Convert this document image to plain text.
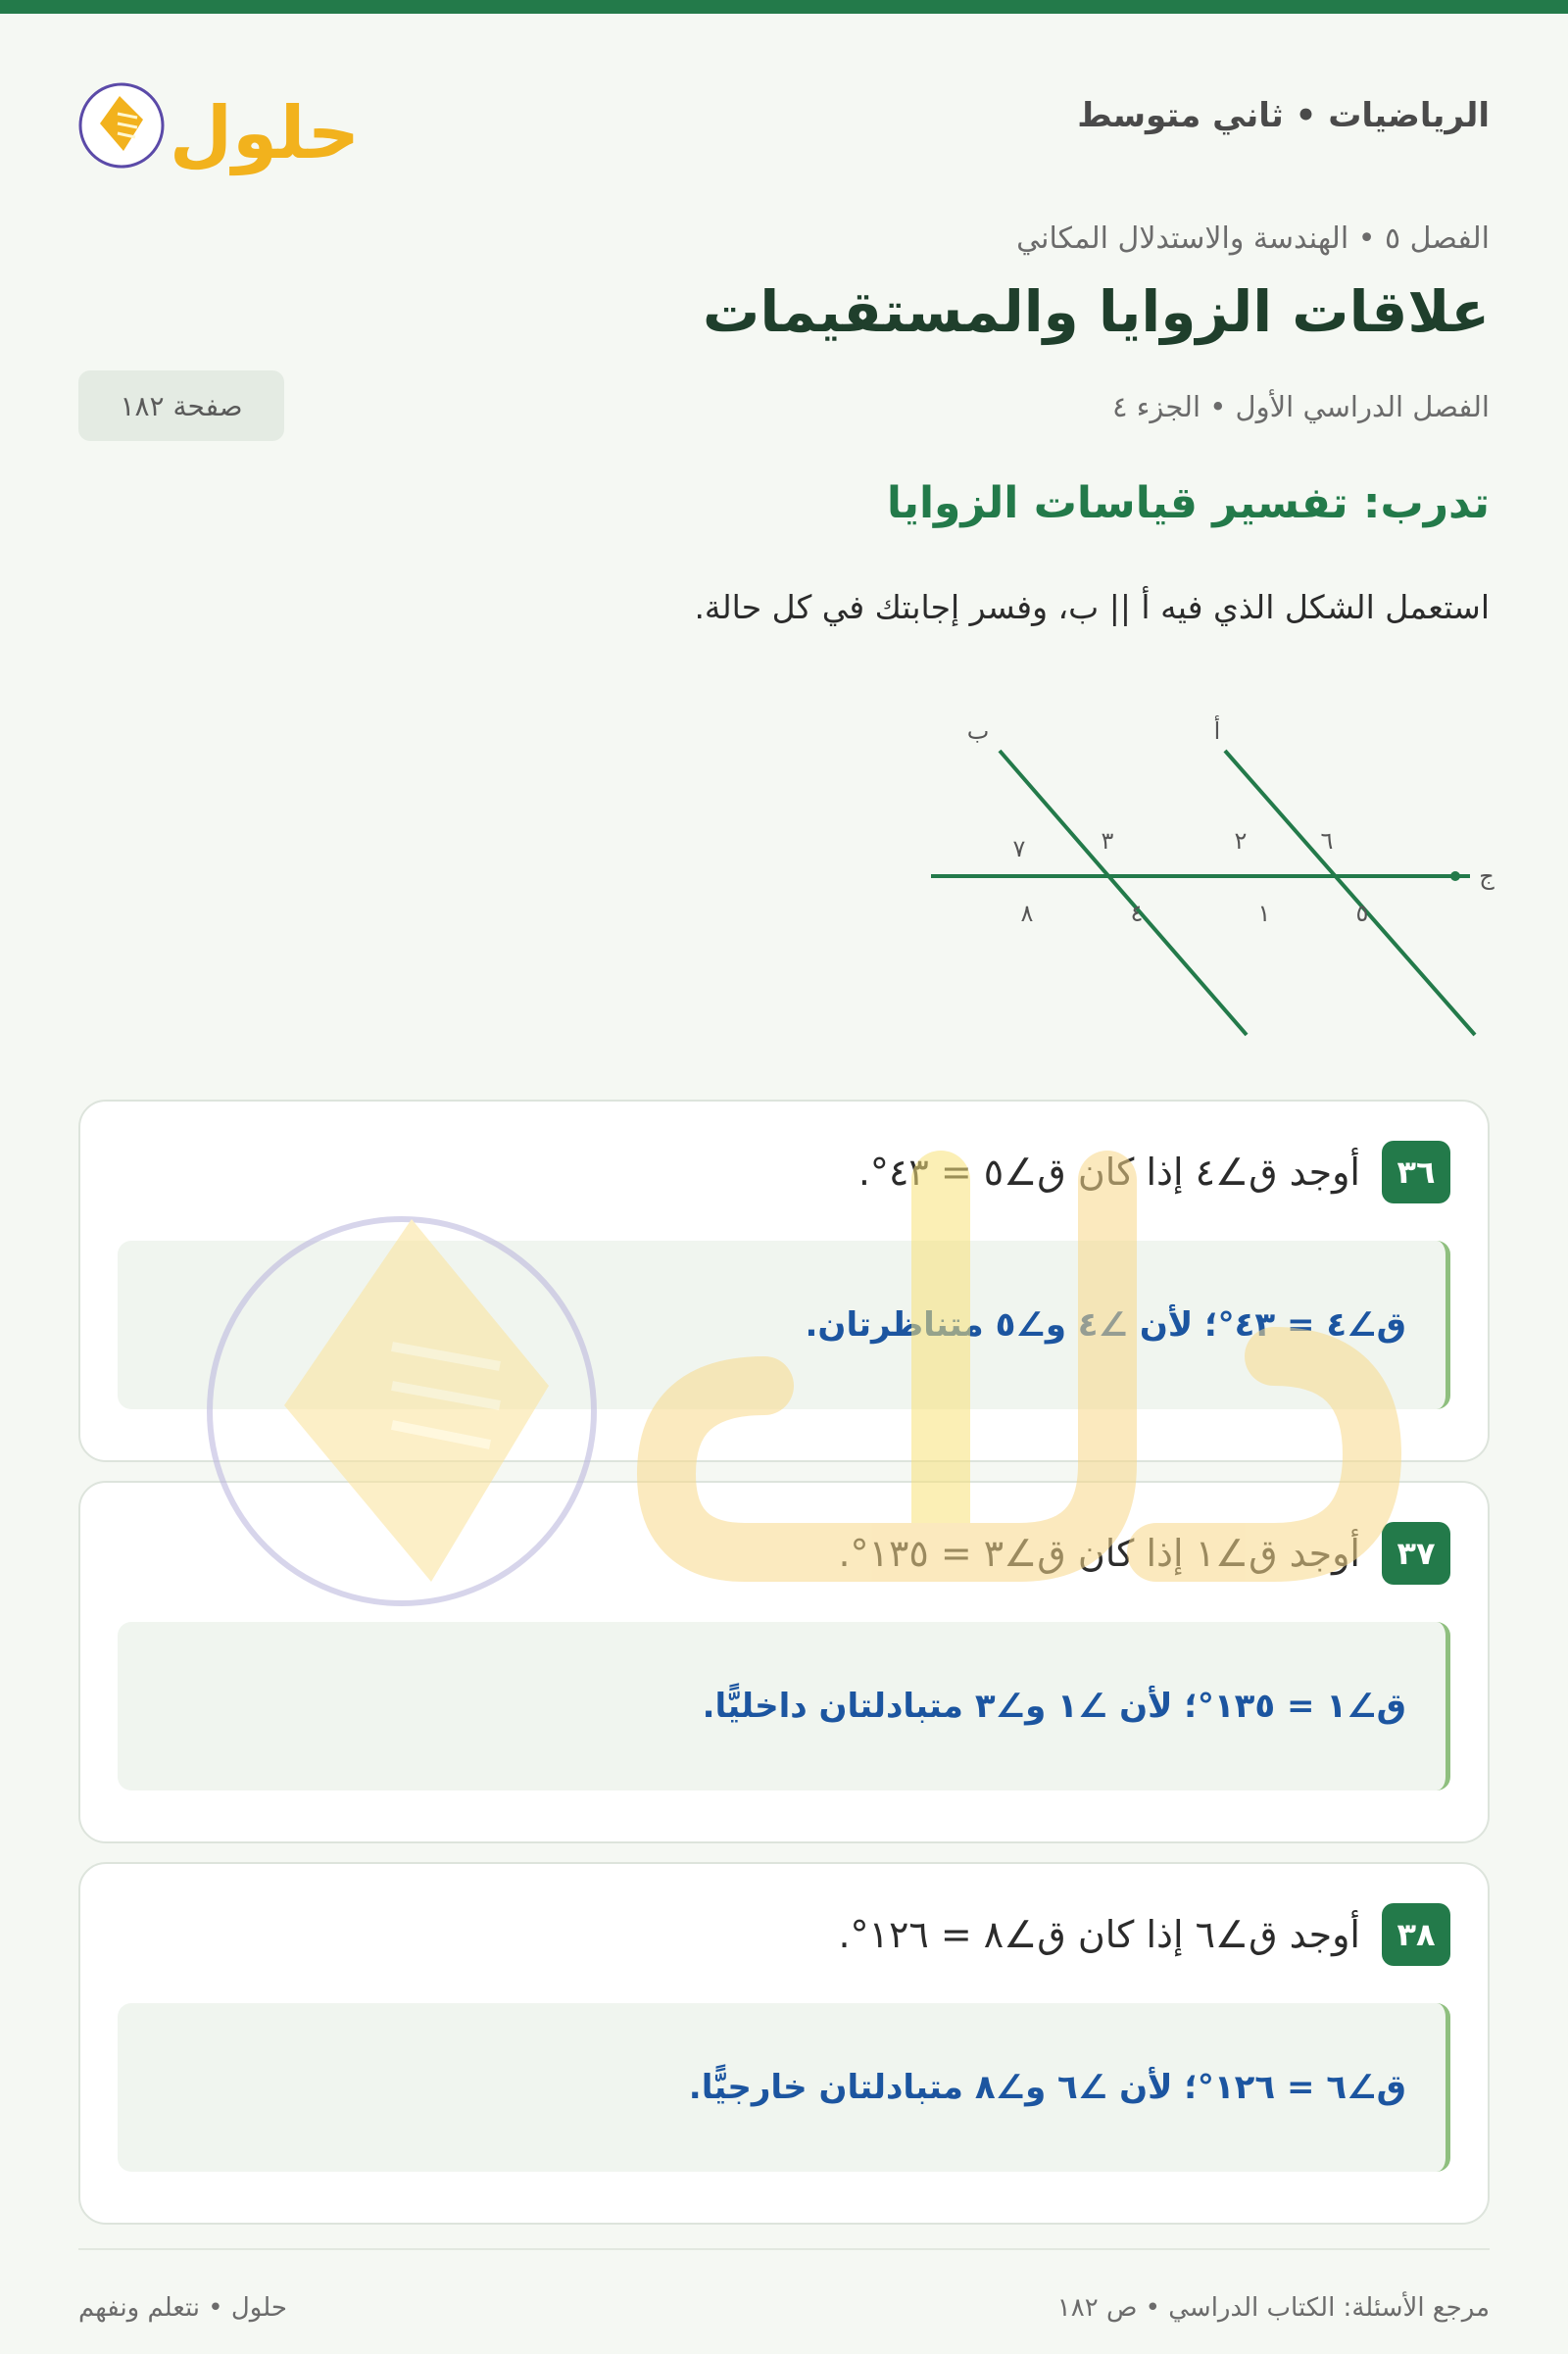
الرياضيات • ثاني متوسط
حلول
الفصل ٥ • الهندسة والاستدلال المكاني
علاقات الزوايا والمستقيمات
الفصل الدراسي الأول • الجزء ٤
صفحة ١٨٢
تدرب: تفسير قياسات الزوايا
استعمل الشكل الذي فيه أ || ب، وفسر إجابتك في كل حالة.
ب	أ
ج
٧	٣
٨	٤
٢	٦
١	٥
٣٦
أوجد ق∠٤ إذا كان ق∠٥ = ٤٣°.
ق∠٤ = ٤٣°؛ لأن ∠٤ و∠٥ متناظرتان.
٣٧
أوجد ق∠١ إذا كان ق∠٣ = ١٣٥°.
ق∠١ = ١٣٥°؛ لأن ∠١ و∠٣ متبادلتان داخليًّا.
٣٨
أوجد ق∠٦ إذا كان ق∠٨ = ١٢٦°.
ق∠٦ = ١٢٦°؛ لأن ∠٦ و∠٨ متبادلتان خارجيًّا.
مرجع الأسئلة: الكتاب الدراسي • ص ١٨٢
حلول • نتعلم ونفهم
